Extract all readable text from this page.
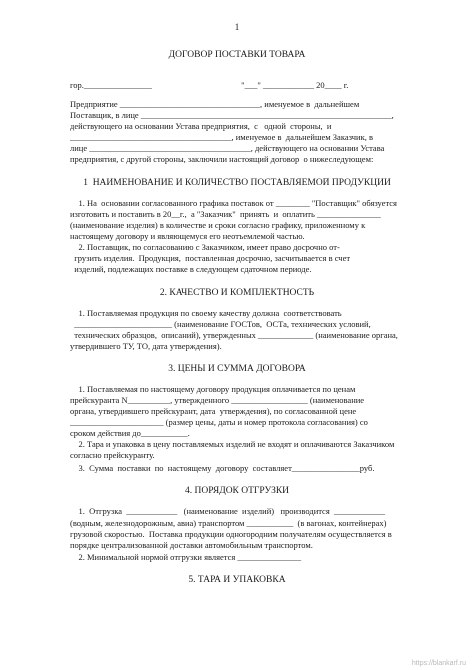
1
ДОГОВОР ПОСТАВКИ ТОВАРА
гор.________________                                          "___" ____________ 20____ г.
Предприятие _________________________________, именуемое в  дальнейшем
Поставщик, в лице ___________________________________________________________,
действующего на основании Устава предприятия,  с   одной  стороны,  и
______________________________________, именуемое в  дальнейшем Заказчик, в
лице ______________________________________, действующего на основании Устава
предприятия, с другой стороны, заключили настоящий договор  о нижеследующем:
1  НАИМЕНОВАНИЕ И КОЛИЧЕСТВО ПОСТАВЛЯЕМОЙ ПРОДУКЦИИ
1. На  основании согласованного графика поставок от ________ "Поставщик" обязуется
изготовить и поставить в 20__г.,  а "Заказчик"  принять  и  оплатить _______________
(наименование изделия) в количестве и сроки согласно графику, приложенному к
настоящему договору и являющемуся его неотъемлемой частью.
2. Поставщик, по согласованию с Заказчиком, имеет право досрочно от-
грузить изделия.  Продукция,  поставленная досрочно, засчитывается в счет
изделий, подлежащих поставке в следующем сдаточном периоде.
2. КАЧЕСТВО И КОМПЛЕКТНОСТЬ
1. Поставляемая продукция по своему качеству должна  соответствовать
_______________________ (наименование ГОСТов,  ОСТа, технических условий,
технических образцов,  описаний), утвержденных _____________ (наименование органа,
утвердившего ТУ, ТО, дата утверждения).
3. ЦЕНЫ И СУММА ДОГОВОРА
1. Поставляемая по настоящему договору продукция оплачивается по ценам
прейскуранта N__________, утвержденного __________________ (наименование
органа, утвердившего прейскурант, дата  утверждения), по согласованной цене
______________________ (размер цены, даты и номер протокола согласования) со
сроком действия до___________.
2. Тара и упаковка в цену поставляемых изделий не входят и оплачиваются Заказчиком
согласно прейскуранту.
3.  Сумма  поставки  по  настоящему  договору  составляет________________руб.
4. ПОРЯДОК ОТГРУЗКИ
1.  Отгрузка  ____________   (наименование  изделий)   производится  ____________
(водным, железнодорожным, авиа) транспортом ___________  (в вагонах, контейнерах)
грузовой скоростью.  Поставка продукции одногородним получателям осуществляется в
порядке централизованной доставки автомобильным транспортом.
2. Минимальной нормой отгрузки является _______________
5. ТАРА И УПАКОВКА
https://blankarf.ru
